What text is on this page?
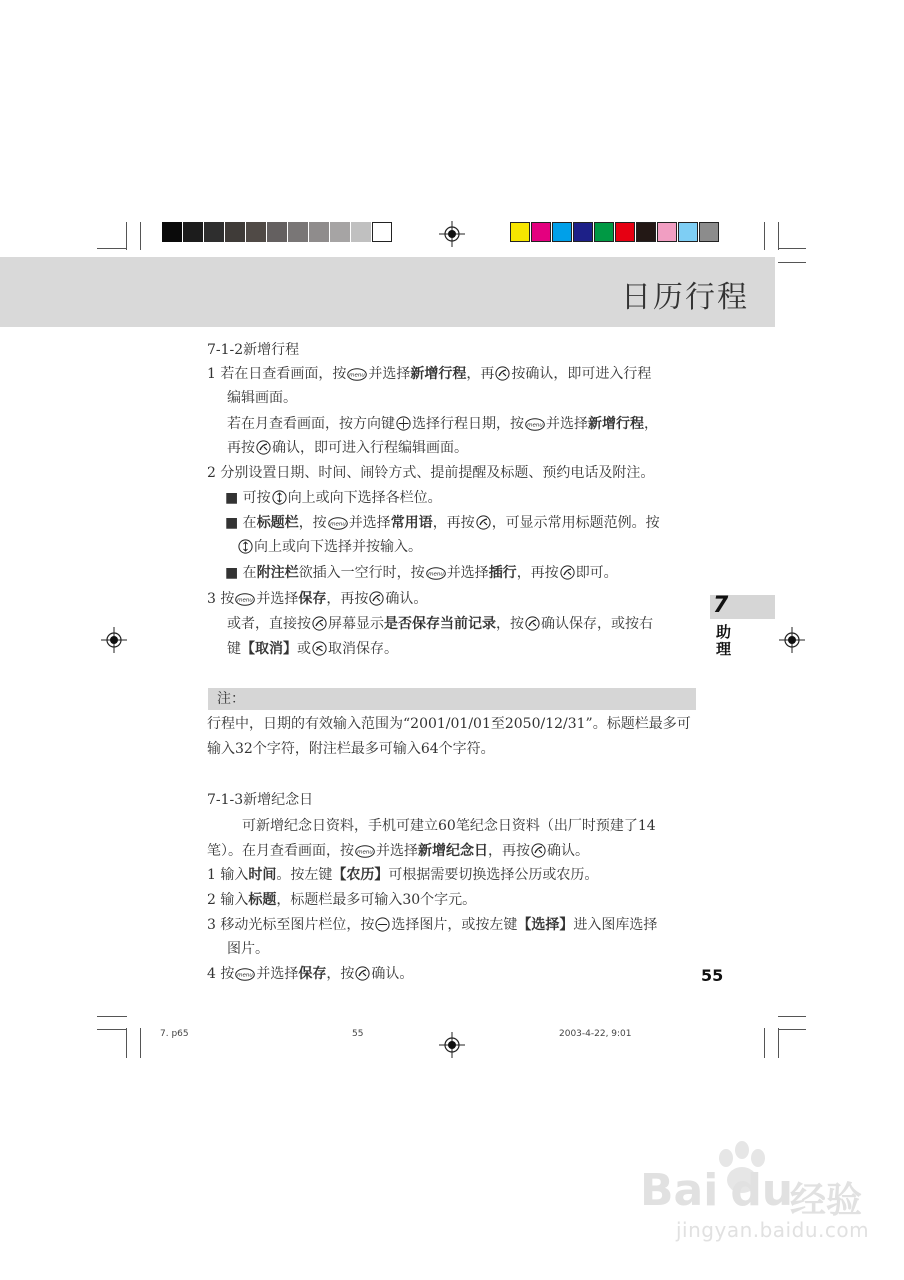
日历行程
7-1-2新增行程
1 若在日查看画面，按 menu 并选择新增行程，再 按确认，即可进入行程
编辑画面。
若在月查看画面，按方向键 选择行程日期，按 menu 并选择新增行程，
再按 确认，即可进入行程编辑画面。
2 分别设置日期、时间、闹铃方式、提前提醒及标题、预约电话及附注。
■ 可按 向上或向下选择各栏位。
■ 在标题栏，按 menu 并选择常用语，再按 ，可显示常用标题范例。按
向上或向下选择并按输入。
■ 在附注栏欲插入一空行时，按 menu 并选择插行，再按 即可。
3 按 menu 并选择保存，再按 确认。
或者，直接按 屏幕显示是否保存当前记录，按 确认保存，或按右
键【取消】或 取消保存。
注：
行程中，日期的有效输入范围为“2001/01/01至2050/12/31”。标题栏最多可
输入32个字符，附注栏最多可输入64个字符。
7-1-3新增纪念日
可新增纪念日资料，手机可建立60笔纪念日资料（出厂时预建了14
笔）。在月查看画面，按 menu 并选择新增纪念日，再按 确认。
1 输入时间。按左键【农历】可根据需要切换选择公历或农历。
2 输入标题，标题栏最多可输入30个字元。
3 移动光标至图片栏位，按 选择图片，或按左键【选择】进入图库选择
图片。
4 按 menu 并选择保存，按 确认。
7
助
理
55
7. p65	55	2003-4-22, 9:01
Bai du
经验
jingyan.baidu.com
